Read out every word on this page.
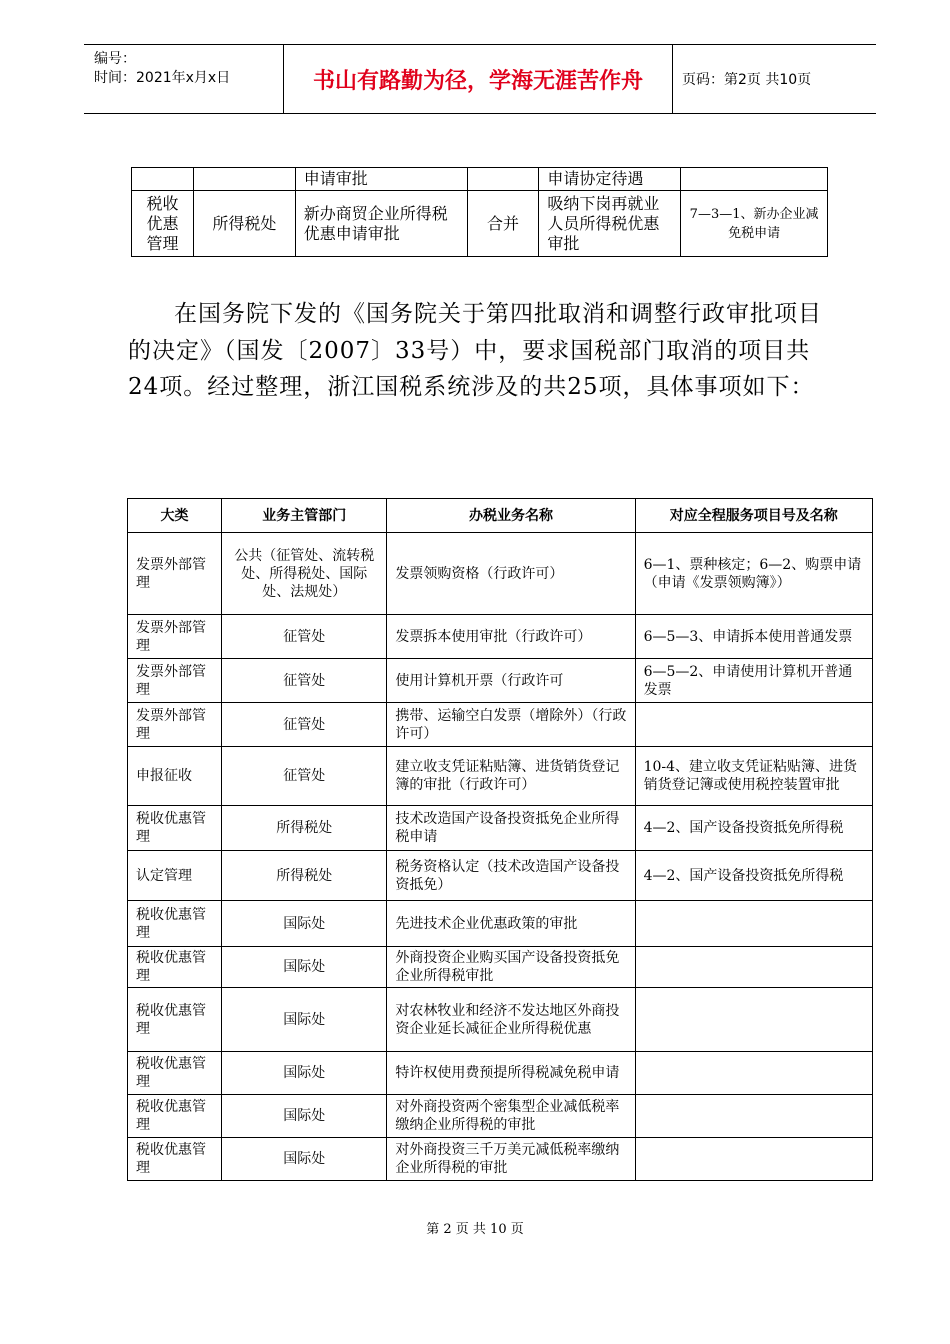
编号：
时间：2021年x月x日	书山有路勤为径，学海无涯苦作舟	页码：第2页 共10页
		申请审批		申请协定待遇	
税收优惠管理	所得税处	新办商贸企业所得税优惠申请审批	合并	吸纳下岗再就业人员所得税优惠审批	7—3—1、新办企业减免税申请

在国务院下发的《国务院关于第四批取消和调整行政审批项目的决定》（国发〔2007〕33号）中，要求国税部门取消的项目共24项。经过整理，浙江国税系统涉及的共25项，具体事项如下：

大类	业务主管部门	办税业务名称	对应全程服务项目号及名称
发票外部管理	公共（征管处、流转税处、所得税处、国际处、法规处）	发票领购资格（行政许可）	6—1、票种核定；6—2、购票申请（申请《发票领购簿》）
发票外部管理	征管处	发票拆本使用审批（行政许可）	6—5—3、申请拆本使用普通发票
发票外部管理	征管处	使用计算机开票（行政许可	6—5—2、申请使用计算机开普通发票
发票外部管理	征管处	携带、运输空白发票（增除外）（行政许可）	
申报征收	征管处	建立收支凭证粘贴簿、进货销货登记簿的审批（行政许可）	10-4、建立收支凭证粘贴簿、进货销货登记簿或使用税控装置审批
税收优惠管理	所得税处	技术改造国产设备投资抵免企业所得税申请	4—2、国产设备投资抵免所得税
认定管理	所得税处	税务资格认定（技术改造国产设备投资抵免）	4—2、国产设备投资抵免所得税
税收优惠管理	国际处	先进技术企业优惠政策的审批	
税收优惠管理	国际处	外商投资企业购买国产设备投资抵免企业所得税审批	
税收优惠管理	国际处	对农林牧业和经济不发达地区外商投资企业延长减征企业所得税优惠	
税收优惠管理	国际处	特许权使用费预提所得税减免税申请	
税收优惠管理	国际处	对外商投资两个密集型企业减低税率缴纳企业所得税的审批	
税收优惠管理	国际处	对外商投资三千万美元减低税率缴纳企业所得税的审批	
第 2 页 共 10 页
